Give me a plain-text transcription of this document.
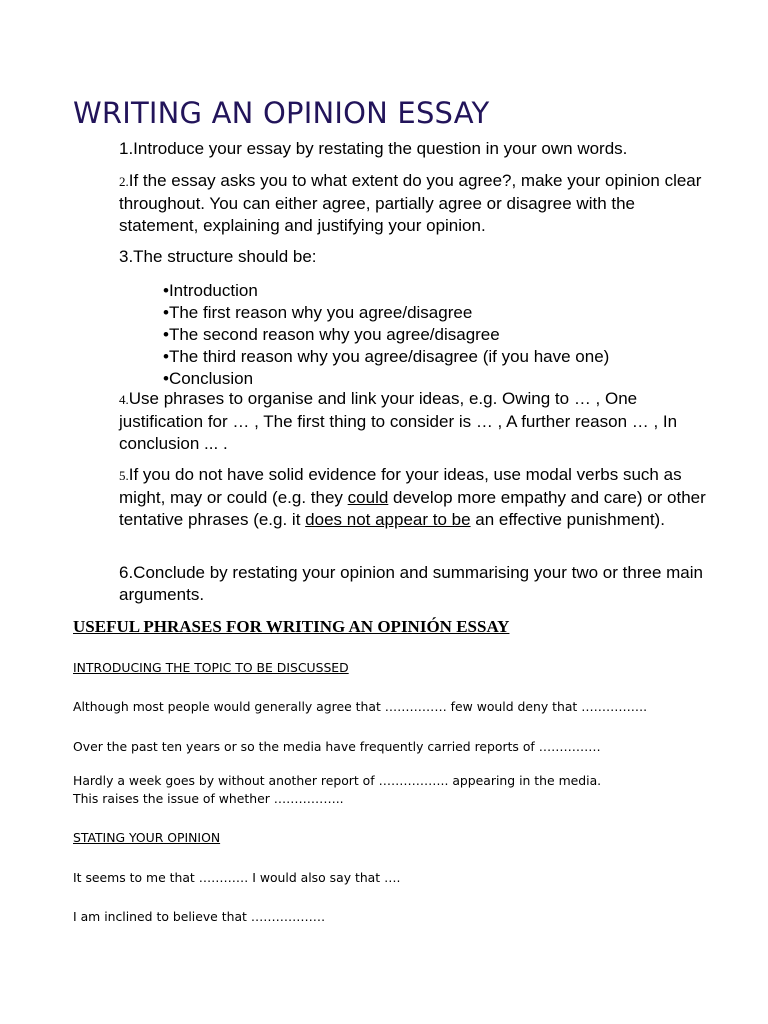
WRITING AN OPINION ESSAY
1.Introduce your essay by restating the question in your own words.
2.If the essay asks you to what extent do you agree?, make your opinion clear throughout. You can either agree, partially agree or disagree with the statement, explaining and justifying your opinion.
3.The structure should be:
•Introduction
•The first reason why you agree/disagree
•The second reason why you agree/disagree
•The third reason why you agree/disagree (if you have one)
•Conclusion
4.Use phrases to organise and link your ideas, e.g. Owing to … , One justification for … , The first thing to consider is … , A further reason … , In conclusion ... .
5.If you do not have solid evidence for your ideas, use modal verbs such as might, may or could (e.g. they could develop more empathy and care) or other tentative phrases (e.g. it does not appear to be an effective punishment).
6.Conclude by restating your opinion and summarising your two or three main arguments.
USEFUL PHRASES FOR WRITING AN OPINIÓN ESSAY
INTRODUCING THE TOPIC TO BE DISCUSSED
Although most people would generally agree that …………… few would deny that …………….
Over the past ten years or so the media have frequently carried reports of ……………
Hardly a week goes by without another report of …………….. appearing in the media.
This raises the issue of whether ……………..
STATING YOUR OPINION
It seems to me that ………… I would also say that ….
I am inclined to believe that ………………
